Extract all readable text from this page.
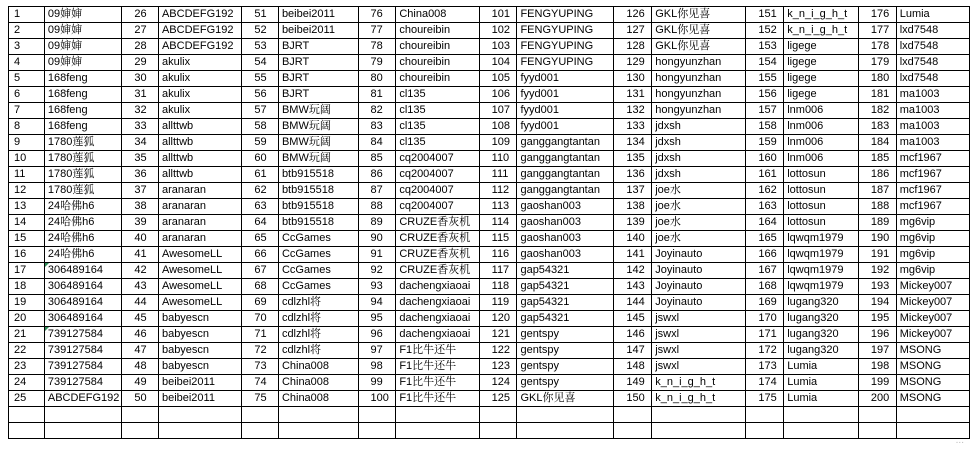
1	09婶婶	26	ABCDEFG192	51	beibei2011	76	China008	101	FENGYUPING	126	GKL你见喜	151	k_n_i_g_h_t	176	Lumia
2	09婶婶	27	ABCDEFG192	52	beibei2011	77	choureibin	102	FENGYUPING	127	GKL你见喜	152	k_n_i_g_h_t	177	lxd7548
3	09婶婶	28	ABCDEFG192	53	BJRT	78	choureibin	103	FENGYUPING	128	GKL你见喜	153	ligege	178	lxd7548
4	09婶婶	29	akulix	54	BJRT	79	choureibin	104	FENGYUPING	129	hongyunzhan	154	ligege	179	lxd7548
5	168feng	30	akulix	55	BJRT	80	choureibin	105	fyyd001	130	hongyunzhan	155	ligege	180	lxd7548
6	168feng	31	akulix	56	BJRT	81	cl135	106	fyyd001	131	hongyunzhan	156	ligege	181	ma1003
7	168feng	32	akulix	57	BMW玩阔	82	cl135	107	fyyd001	132	hongyunzhan	157	lnm006	182	ma1003
8	168feng	33	allttwb	58	BMW玩阔	83	cl135	108	fyyd001	133	jdxsh	158	lnm006	183	ma1003
9	1780莲狐	34	allttwb	59	BMW玩阔	84	cl135	109	ganggangtantan	134	jdxsh	159	lnm006	184	ma1003
10	1780莲狐	35	allttwb	60	BMW玩阔	85	cq2004007	110	ganggangtantan	135	jdxsh	160	lnm006	185	mcf1967
11	1780莲狐	36	allttwb	61	btb915518	86	cq2004007	111	ganggangtantan	136	jdxsh	161	lottosun	186	mcf1967
12	1780莲狐	37	aranaran	62	btb915518	87	cq2004007	112	ganggangtantan	137	joe水	162	lottosun	187	mcf1967
13	24哈佛h6	38	aranaran	63	btb915518	88	cq2004007	113	gaoshan003	138	joe水	163	lottosun	188	mcf1967
14	24哈佛h6	39	aranaran	64	btb915518	89	CRUZE香灰机	114	gaoshan003	139	joe水	164	lottosun	189	mg6vip
15	24哈佛h6	40	aranaran	65	CcGames	90	CRUZE香灰机	115	gaoshan003	140	joe水	165	lqwqm1979	190	mg6vip
16	24哈佛h6	41	AwesomeLL	66	CcGames	91	CRUZE香灰机	116	gaoshan003	141	Joyinauto	166	lqwqm1979	191	mg6vip
17	306489164	42	AwesomeLL	67	CcGames	92	CRUZE香灰机	117	gap54321	142	Joyinauto	167	lqwqm1979	192	mg6vip
18	306489164	43	AwesomeLL	68	CcGames	93	dachengxiaoai	118	gap54321	143	Joyinauto	168	lqwqm1979	193	Mickey007
19	306489164	44	AwesomeLL	69	cdlzhl将	94	dachengxiaoai	119	gap54321	144	Joyinauto	169	lugang320	194	Mickey007
20	306489164	45	babyescn	70	cdlzhl将	95	dachengxiaoai	120	gap54321	145	jswxl	170	lugang320	195	Mickey007
21	739127584	46	babyescn	71	cdlzhl将	96	dachengxiaoai	121	gentspy	146	jswxl	171	lugang320	196	Mickey007
22	739127584	47	babyescn	72	cdlzhl将	97	F1比牛还牛	122	gentspy	147	jswxl	172	lugang320	197	MSONG
23	739127584	48	babyescn	73	China008	98	F1比牛还牛	123	gentspy	148	jswxl	173	Lumia	198	MSONG
24	739127584	49	beibei2011	74	China008	99	F1比牛还牛	124	gentspy	149	k_n_i_g_h_t	174	Lumia	199	MSONG
25	ABCDEFG192	50	beibei2011	75	China008	100	F1比牛还牛	125	GKL你见喜	150	k_n_i_g_h_t	175	Lumia	200	MSONG

...
